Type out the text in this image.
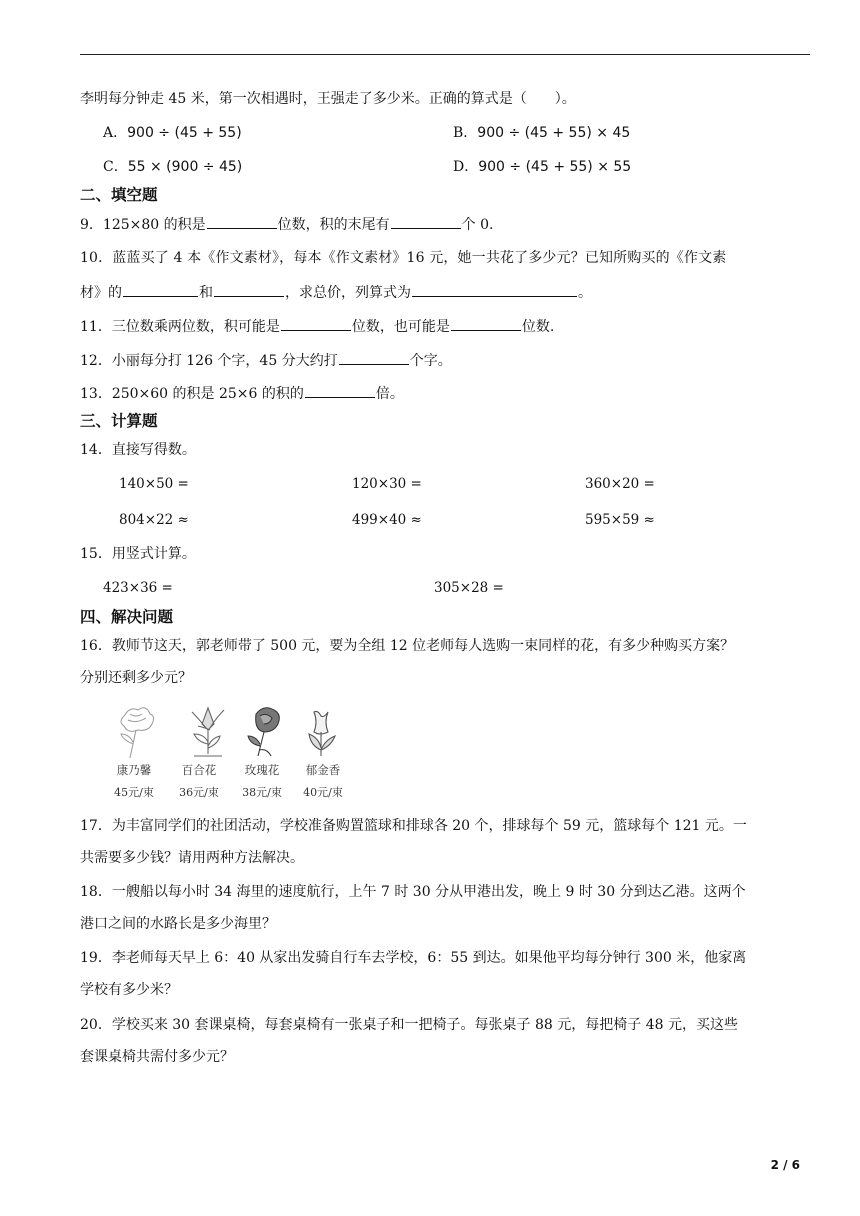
李明每分钟走 45 米，第一次相遇时，王强走了多少米。正确的算式是（　　）。
A．900 ÷ (45 + 55)	B．900 ÷ (45 + 55) × 45
C．55 × (900 ÷ 45)	D．900 ÷ (45 + 55) × 55
二、填空题
9．125×80 的积是	位数，积的末尾有	个 0.
10．蓝蓝买了 4 本《作文素材》，每本《作文素材》16 元，她一共花了多少元？已知所购买的《作文素
材》的	和	，求总价，列算式为	。
11．三位数乘两位数，积可能是	位数，也可能是	位数.
12．小丽每分打 126 个字，45 分大约打	个字。
13．250×60 的积是 25×6 的积的	倍。
三、计算题
14．直接写得数。
140×50 =	120×30 =	360×20 =
804×22 ≈	499×40 ≈	595×59 ≈
15．用竖式计算。
423×36 =	305×28 =
四、解决问题
16．教师节这天，郭老师带了 500 元，要为全组 12 位老师每人选购一束同样的花，有多少种购买方案？
分别还剩多少元？
康乃馨	百合花	玫瑰花	郁金香
45元/束	36元/束	38元/束	40元/束
17．为丰富同学们的社团活动，学校准备购置篮球和排球各 20 个，排球每个 59 元，篮球每个 121 元。一
共需要多少钱？请用两种方法解决。
18．一艘船以每小时 34 海里的速度航行，上午 7 时 30 分从甲港出发，晚上 9 时 30 分到达乙港。这两个
港口之间的水路长是多少海里？
19．李老师每天早上 6：40 从家出发骑自行车去学校，6：55 到达。如果他平均每分钟行 300 米，他家离
学校有多少米？
20．学校买来 30 套课桌椅，每套桌椅有一张桌子和一把椅子。每张桌子 88 元，每把椅子 48 元，买这些
套课桌椅共需付多少元？
2 / 6
